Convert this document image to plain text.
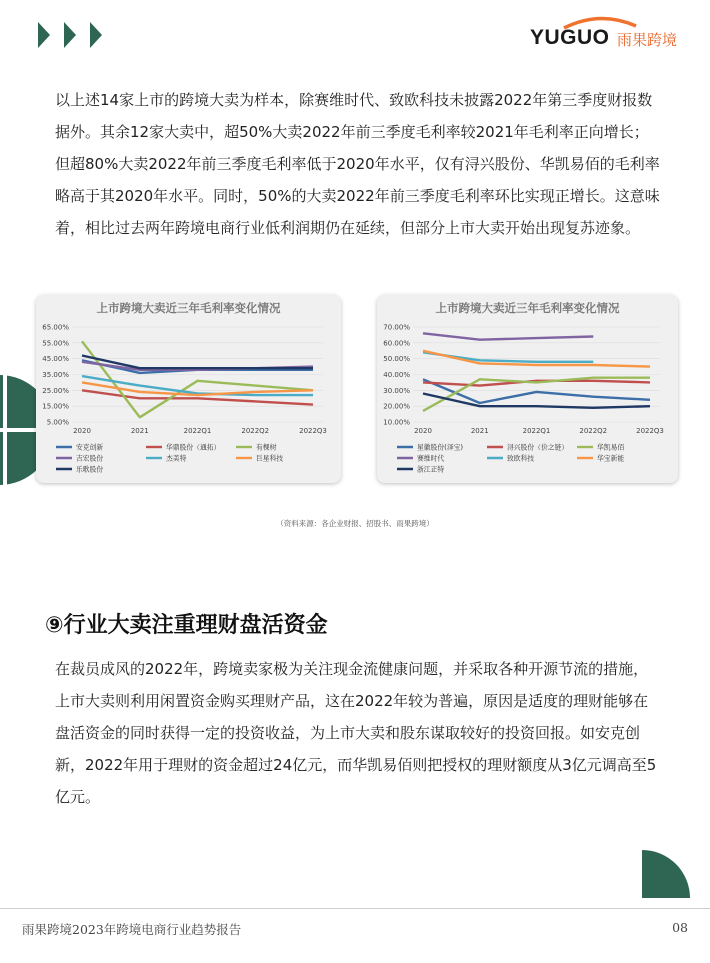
YUGUO 雨果跨境

以上述14家上市的跨境大卖为样本，除赛维时代、致欧科技未披露2022年第三季度财报数据外。其余12家大卖中，超50%大卖2022年前三季度毛利率较2021年毛利率正向增长；但超80%大卖2022年前三季度毛利率低于2020年水平，仅有浔兴股份、华凯易佰的毛利率略高于其2020年水平。同时，50%的大卖2022年前三季度毛利率环比实现正增长。这意味着，相比过去两年跨境电商行业低利润期仍在延续，但部分上市大卖开始出现复苏迹象。

上市跨境大卖近三年毛利率变化情况
65.00%
55.00%
45.00%
35.00%
25.00%
15.00%
5.00%
2020	2021	2022Q1	2022Q2	2022Q3
安克创新	华鼎股份（通拓）	有棵树
吉宏股份	杰美特	巨星科技
乐歌股份
上市跨境大卖近三年毛利率变化情况
70.00%
60.00%
50.00%
40.00%
30.00%
20.00%
10.00%
2020	2021	2022Q1	2022Q2	2022Q3
星徽股份(泽宝)	浔兴股份（价之链）	华凯易佰
赛维时代	致欧科技	华宝新能
浙江正特
（资料来源：各企业财报、招股书、雨果跨境）
⑨行业大卖注重理财盘活资金

在裁员成风的2022年，跨境卖家极为关注现金流健康问题，并采取各种开源节流的措施，上市大卖则利用闲置资金购买理财产品，这在2022年较为普遍，原因是适度的理财能够在盘活资金的同时获得一定的投资收益，为上市大卖和股东谋取较好的投资回报。如安克创新，2022年用于理财的资金超过24亿元，而华凯易佰则把授权的理财额度从3亿元调高至5亿元。

雨果跨境2023年跨境电商行业趋势报告	08
